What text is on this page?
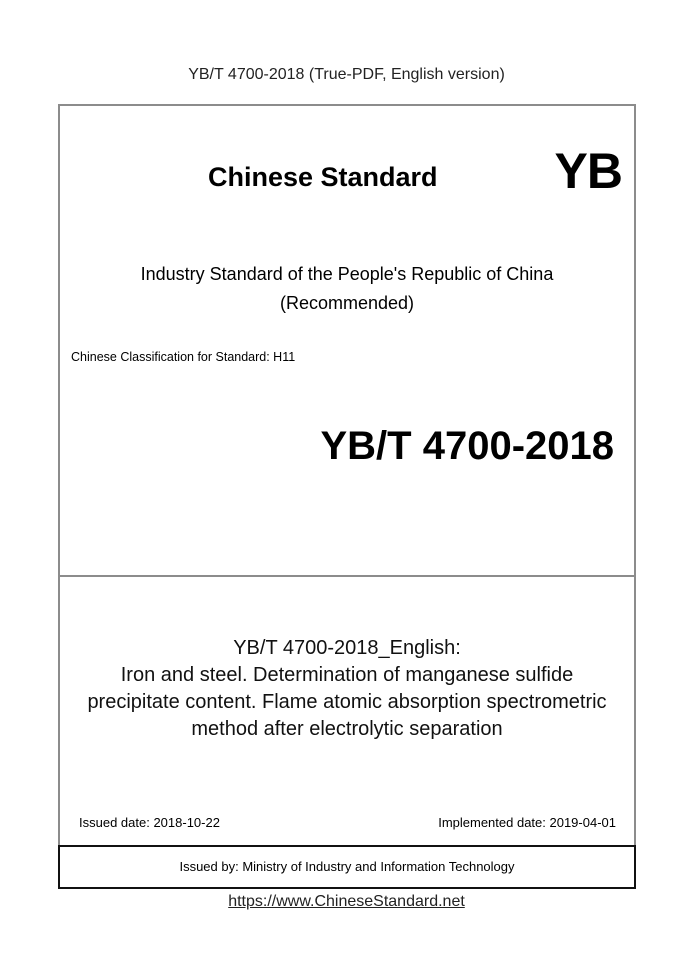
YB/T 4700-2018 (True-PDF, English version)
Chinese Standard YB
Industry Standard of the People's Republic of China
(Recommended)
Chinese Classification for Standard: H11
YB/T 4700-2018
YB/T 4700-2018_English:
Iron and steel. Determination of manganese sulfide
precipitate content. Flame atomic absorption spectrometric
method after electrolytic separation
Issued date: 2018-10-22	Implemented date: 2019-04-01
Issued by: Ministry of Industry and Information Technology
https://www.ChineseStandard.net
